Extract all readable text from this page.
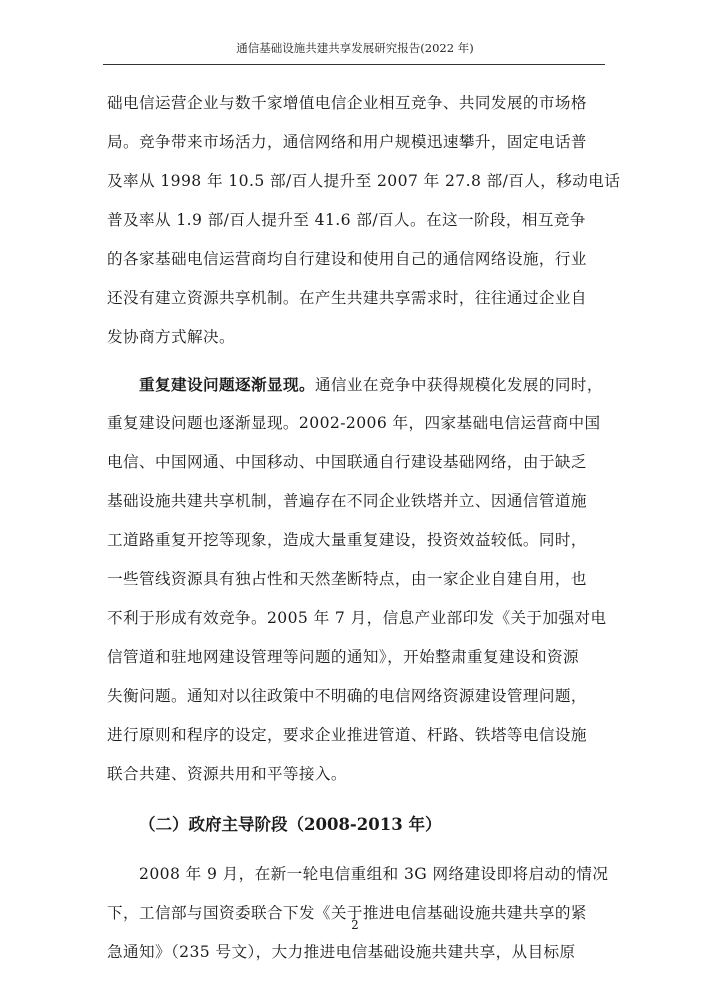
通信基础设施共建共享发展研究报告(2022 年)
础电信运营企业与数千家增值电信企业相互竞争、共同发展的市场格
局。竞争带来市场活力，通信网络和用户规模迅速攀升，固定电话普
及率从 1998 年 10.5 部/百人提升至 2007 年 27.8 部/百人，移动电话
普及率从 1.9 部/百人提升至 41.6 部/百人。在这一阶段，相互竞争
的各家基础电信运营商均自行建设和使用自己的通信网络设施，行业
还没有建立资源共享机制。在产生共建共享需求时，往往通过企业自
发协商方式解决。
重复建设问题逐渐显现。通信业在竞争中获得规模化发展的同时，
重复建设问题也逐渐显现。2002-2006 年，四家基础电信运营商中国
电信、中国网通、中国移动、中国联通自行建设基础网络，由于缺乏
基础设施共建共享机制，普遍存在不同企业铁塔并立、因通信管道施
工道路重复开挖等现象，造成大量重复建设，投资效益较低。同时，
一些管线资源具有独占性和天然垄断特点，由一家企业自建自用，也
不利于形成有效竞争。2005 年 7 月，信息产业部印发《关于加强对电
信管道和驻地网建设管理等问题的通知》，开始整肃重复建设和资源
失衡问题。通知对以往政策中不明确的电信网络资源建设管理问题，
进行原则和程序的设定，要求企业推进管道、杆路、铁塔等电信设施
联合共建、资源共用和平等接入。
（二）政府主导阶段（2008-2013 年）
2008 年 9 月，在新一轮电信重组和 3G 网络建设即将启动的情况
下，工信部与国资委联合下发《关于推进电信基础设施共建共享的紧
急通知》（235 号文），大力推进电信基础设施共建共享，从目标原
2
